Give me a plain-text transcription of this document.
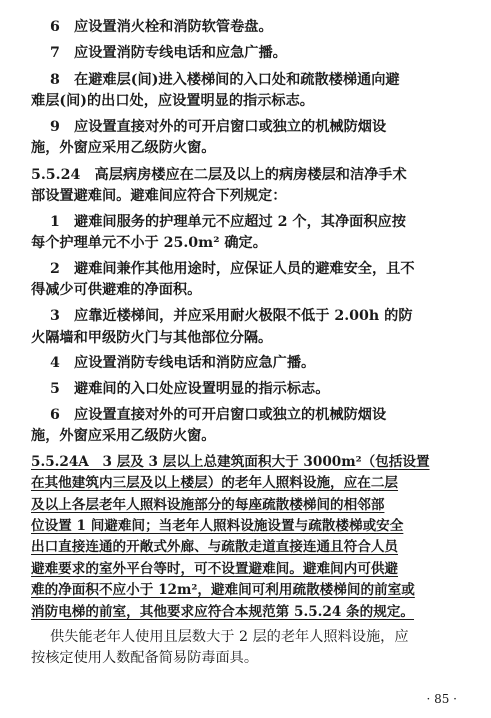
6　应设置消火栓和消防软管卷盘。
7　应设置消防专线电话和应急广播。
8　在避难层(间)进入楼梯间的入口处和疏散楼梯通向避
难层(间)的出口处，应设置明显的指示标志。
9　应设置直接对外的可开启窗口或独立的机械防烟设
施，外窗应采用乙级防火窗。
5.5.24　高层病房楼应在二层及以上的病房楼层和洁净手术
部设置避难间。避难间应符合下列规定：
1　避难间服务的护理单元不应超过 2 个，其净面积应按
每个护理单元不小于 25.0m² 确定。
2　避难间兼作其他用途时，应保证人员的避难安全，且不
得减少可供避难的净面积。
3　应靠近楼梯间，并应采用耐火极限不低于 2.00h 的防
火隔墙和甲级防火门与其他部位分隔。
4　应设置消防专线电话和消防应急广播。
5　避难间的入口处应设置明显的指示标志。
6　应设置直接对外的可开启窗口或独立的机械防烟设
施，外窗应采用乙级防火窗。
5.5.24A　3 层及 3 层以上总建筑面积大于 3000m²（包括设置
在其他建筑内三层及以上楼层）的老年人照料设施，应在二层
及以上各层老年人照料设施部分的每座疏散楼梯间的相邻部
位设置 1 间避难间；当老年人照料设施设置与疏散楼梯或安全
出口直接连通的开敞式外廊、与疏散走道直接连通且符合人员
避难要求的室外平台等时，可不设置避难间。避难间内可供避
难的净面积不应小于 12m²，避难间可利用疏散楼梯间的前室或
消防电梯的前室，其他要求应符合本规范第 5.5.24 条的规定。
供失能老年人使用且层数大于 2 层的老年人照料设施，应
按核定使用人数配备简易防毒面具。
· 85 ·
